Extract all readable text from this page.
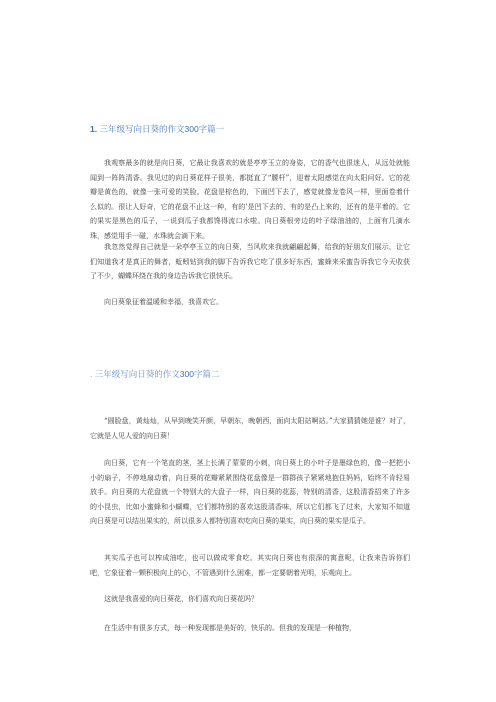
1. 三年级写向日葵的作文300字篇一

我观察最多的就是向日葵，它最让我喜欢的就是亭亭玉立的身姿，它的香气也很迷人，从远处就能闻到一阵阵清香。我见过的向日葵花样子很美，都挺直了“腰杆”，迎着太阳感觉在向太阳问好。它的花瓣是黄色的，就像一张可爱的笑脸。花盘是棕色的，下面凹下去了，感觉就像龙卷风一样，里面卷着什么似的。很让人好奇，它的花盘不止这一种，有的’是凹下去的，有的是凸上来的，还有的是平着的。它的果实是黑色的瓜子，一说到瓜子我都馋得流口水啦。向日葵根旁边的叶子绿油油的，上面有几滴水珠，感觉用手一碰，水珠就会滴下来。

我忽然觉得自己就是一朵亭亭玉立的向日葵，当风吹来我就翩翩起舞，给我的好朋友们展示，让它们知道我才是真正的舞者，蚯蚓钻到我的脚下告诉我它吃了很多好东西，蜜蜂来采蜜告诉我它今天收获了不少，蝴蝶环绕在我的身边告诉我它很快乐。

向日葵象征着温暖和幸福，我喜欢它。

. 三年级写向日葵的作文300字篇二

“圆脸盘，黄灿灿，从早到晚笑开颜，早朝东，晚朝西，面向太阳站啊站。”大家猜猜她是谁？对了，它就是人见人爱的向日葵！

向日葵，它有一个笔直的茎，茎上长满了蒙蒙的小刺，向日葵上的小叶子是墨绿色的，像一把把小小的扇子，不停地扇动着，向日葵的花瓣紧紧围绕花盘像是一群群孩子紧紧地抱住妈妈，始终不肯轻易放手。向日葵的大花盘就一个特别大的大盘子一样，向日葵的花蕊，特别的清香，这股清香招来了许多的小昆虫，比如小蜜蜂和小蝴蝶，它们都特别的喜欢这股清香味，所以它们都飞了过来，大家知不知道向日葵是可以结出果实的，所以很多人都特别喜欢吃向日葵的果实，向日葵的果实是瓜子。

其实瓜子也可以榨成油吃，也可以做成零食吃。其实向日葵也有很深的寓意呢，让我来告诉你们吧，它象征着一颗积极向上的心，不管遇到什么困难，都一定要朝着光明，乐观向上。

这就是我喜爱的向日葵花，你们喜欢向日葵花吗？

在生活中有很多方式，每一种发现都是美好的，快乐的。但我的发现是一种植物，
